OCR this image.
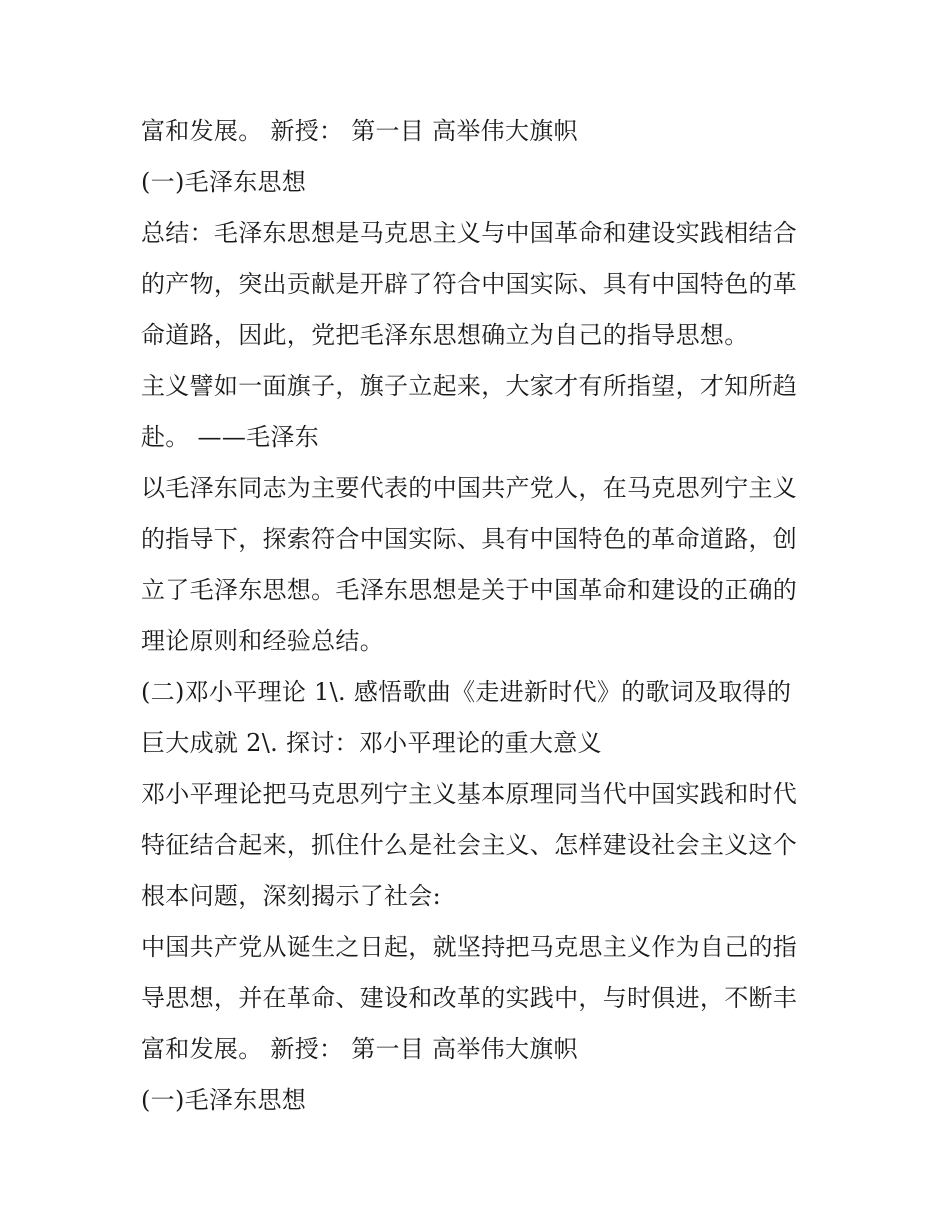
富和发展。 新授： 第一目 高举伟大旗帜
(一)毛泽东思想
总结：毛泽东思想是马克思主义与中国革命和建设实践相结合
的产物，突出贡献是开辟了符合中国实际、具有中国特色的革
命道路，因此，党把毛泽东思想确立为自己的指导思想。
主义譬如一面旗子，旗子立起来，大家才有所指望，才知所趋
赴。 ——毛泽东
以毛泽东同志为主要代表的中国共产党人，在马克思列宁主义
的指导下，探索符合中国实际、具有中国特色的革命道路，创
立了毛泽东思想。毛泽东思想是关于中国革命和建设的正确的
理论原则和经验总结。
(二)邓小平理论 1\. 感悟歌曲《走进新时代》的歌词及取得的
巨大成就 2\. 探讨：邓小平理论的重大意义
邓小平理论把马克思列宁主义基本原理同当代中国实践和时代
特征结合起来，抓住什么是社会主义、怎样建设社会主义这个
根本问题，深刻揭示了社会:
中国共产党从诞生之日起，就坚持把马克思主义作为自己的指
导思想，并在革命、建设和改革的实践中，与时俱进，不断丰
富和发展。 新授： 第一目 高举伟大旗帜
(一)毛泽东思想
